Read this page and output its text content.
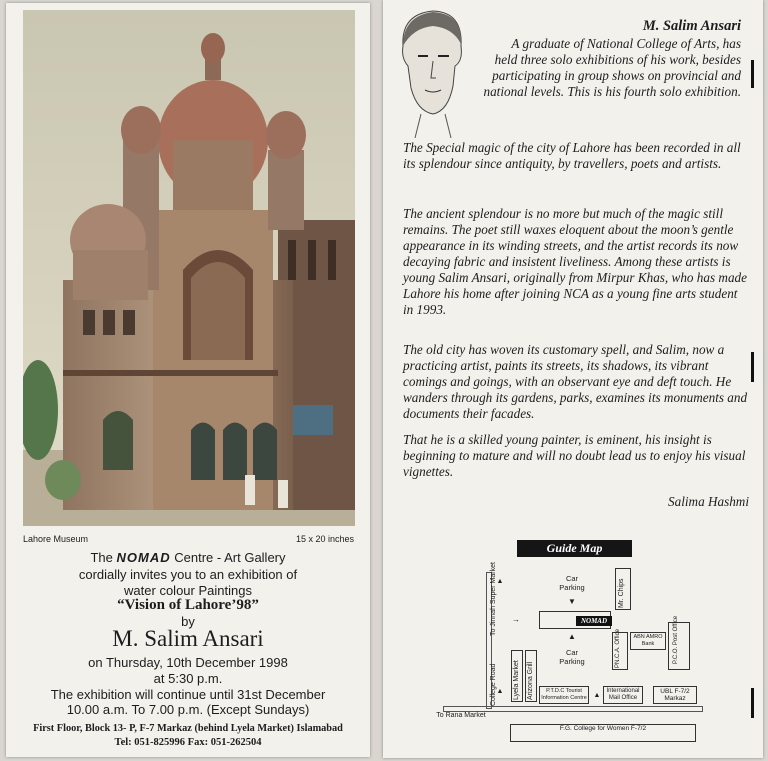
Lahore Museum	15 x 20 inches
The NOMAD Centre - Art Gallery
cordially invites you to an exhibition of
water colour Paintings
“Vision of Lahore’98”
by
M. Salim Ansari
on Thursday, 10th December 1998
at 5:30 p.m.
The exhibition will continue until 31st December
10.00 a.m. To 7.00 p.m. (Except Sundays)
First Floor, Block 13- P, F-7 Markaz (behind Lyela Market) Islamabad
Tel: 051-825996 Fax: 051-262504
M. Salim Ansari
A graduate of National College of Arts, has
held three solo exhibitions of his work, besides
participating in group shows on provincial and
national levels. This is his fourth solo exhibition.

The Special magic of the city of Lahore has been recorded in all its splendour since antiquity, by travellers, poets and artists.

The ancient splendour is no more but much of the magic still remains. The poet still waxes eloquent about the moon’s gentle appearance in its winding streets, and the artist records its now decaying fabric and insistent liveliness. Among these artists is young Salim Ansari, originally from Mirpur Khas, who has made Lahore his home after joining NCA as a young fine arts student in 1993.

The old city has woven its customary spell, and Salim, now a practicing artist, paints its streets, its shadows, its vibrant comings and goings, with an observant eye and deft touch. He wanders through its gardens, parks, examines its monuments and documents their facades.

That he is a skilled young painter, is eminent, his insight is beginning to mature and will no doubt lead us to enjoy his visual vignettes.

Salima Hashmi
Guide Map
F.G. College for Women F-7/2
NOMAD
Mr. Chips
PN.C.A. Office	ABN AMRO Bank	P.C.O. Post Office
Car Parking
Car Parking
▼
▲
→
▲
▲
▲
College Road
To Jinnah Super Market
Lyela Market Arizona Grill	P.T.D.C Tourist Information Centre
International Mail Office
UBL F-7/2 Markaz
To Rana Market
